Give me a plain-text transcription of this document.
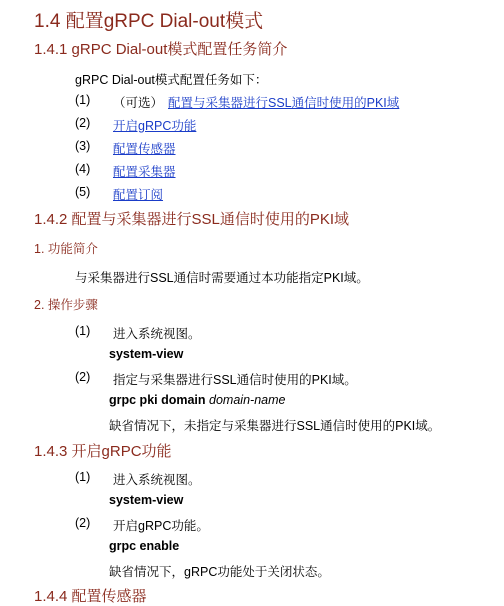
1.4 配置gRPC Dial-out模式
1.4.1 gRPC Dial-out模式配置任务简介
gRPC Dial-out模式配置任务如下：
(1) （可选） 配置与采集器进行SSL通信时使用的PKI域
(2) 开启gRPC功能
(3) 配置传感器
(4) 配置采集器
(5) 配置订阅
1.4.2 配置与采集器进行SSL通信时使用的PKI域
1. 功能简介
与采集器进行SSL通信时需要通过本功能指定PKI域。
2. 操作步骤
(1) 进入系统视图。
system-view
(2) 指定与采集器进行SSL通信时使用的PKI域。
grpc pki domain domain-name
缺省情况下，未指定与采集器进行SSL通信时使用的PKI域。
1.4.3 开启gRPC功能
(1) 进入系统视图。
system-view
(2) 开启gRPC功能。
grpc enable
缺省情况下，gRPC功能处于关闭状态。
1.4.4 配置传感器
